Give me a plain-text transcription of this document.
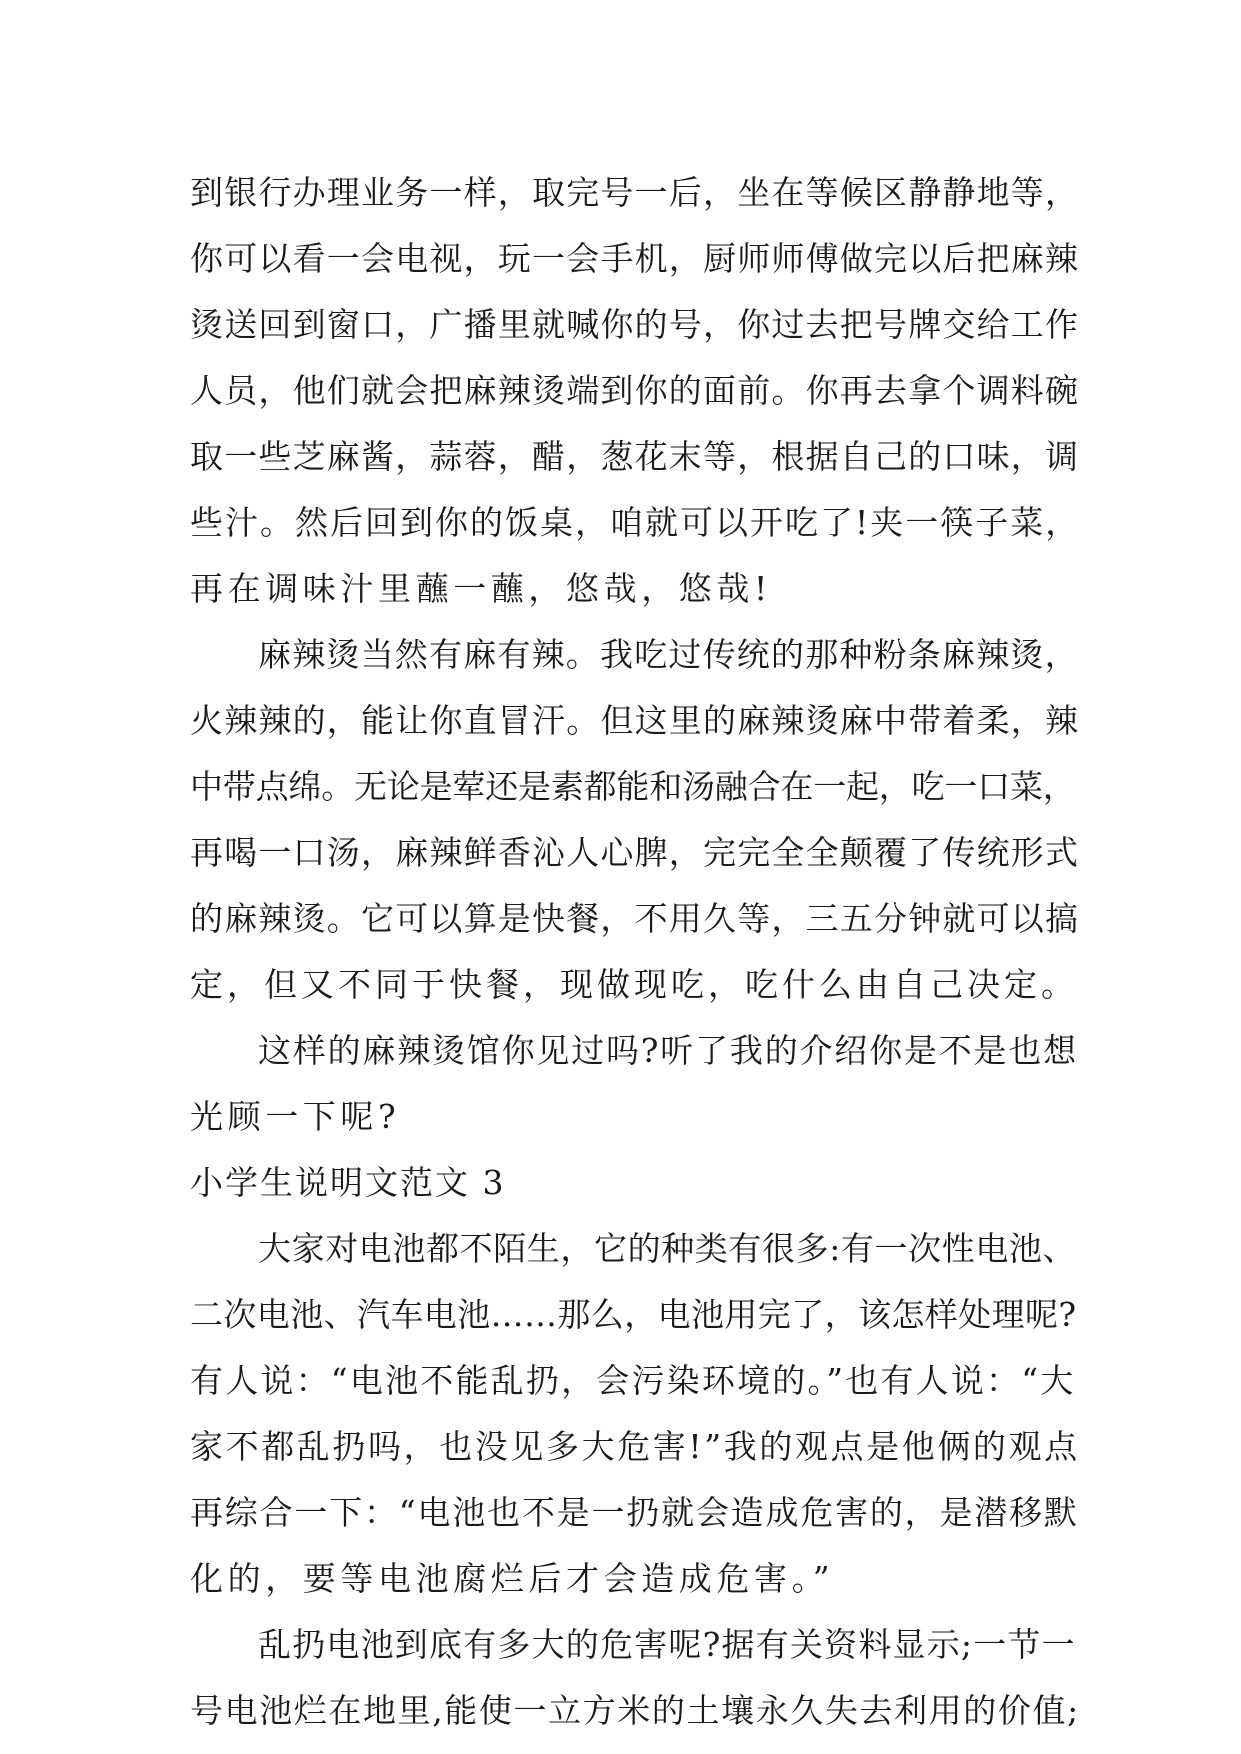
到银行办理业务一样，取完号一后，坐在等候区静静地等，
你可以看一会电视，玩一会手机，厨师师傅做完以后把麻辣
烫送回到窗口，广播里就喊你的号，你过去把号牌交给工作
人员，他们就会把麻辣烫端到你的面前。你再去拿个调料碗
取一些芝麻酱，蒜蓉，醋，葱花末等，根据自己的口味，调
些汁。然后回到你的饭桌，咱就可以开吃了!夹一筷子菜，
再在调味汁里蘸一蘸，悠哉，悠哉!
麻辣烫当然有麻有辣。我吃过传统的那种粉条麻辣烫，
火辣辣的，能让你直冒汗。但这里的麻辣烫麻中带着柔，辣
中带点绵。无论是荤还是素都能和汤融合在一起，吃一口菜，
再喝一口汤，麻辣鲜香沁人心脾，完完全全颠覆了传统形式
的麻辣烫。它可以算是快餐，不用久等，三五分钟就可以搞
定，但又不同于快餐，现做现吃，吃什么由自己决定。
这样的麻辣烫馆你见过吗?听了我的介绍你是不是也想
光顾一下呢?
小学生说明文范文 3
大家对电池都不陌生，它的种类有很多:有一次性电池、
二次电池、汽车电池……那么，电池用完了，该怎样处理呢?
有人说：“电池不能乱扔，会污染环境的。”也有人说：“大
家不都乱扔吗，也没见多大危害!”我的观点是他俩的观点
再综合一下：“电池也不是一扔就会造成危害的，是潜移默
化的，要等电池腐烂后才会造成危害。”
乱扔电池到底有多大的危害呢?据有关资料显示;一节一
号电池烂在地里,能使一立方米的土壤永久失去利用的价值;
